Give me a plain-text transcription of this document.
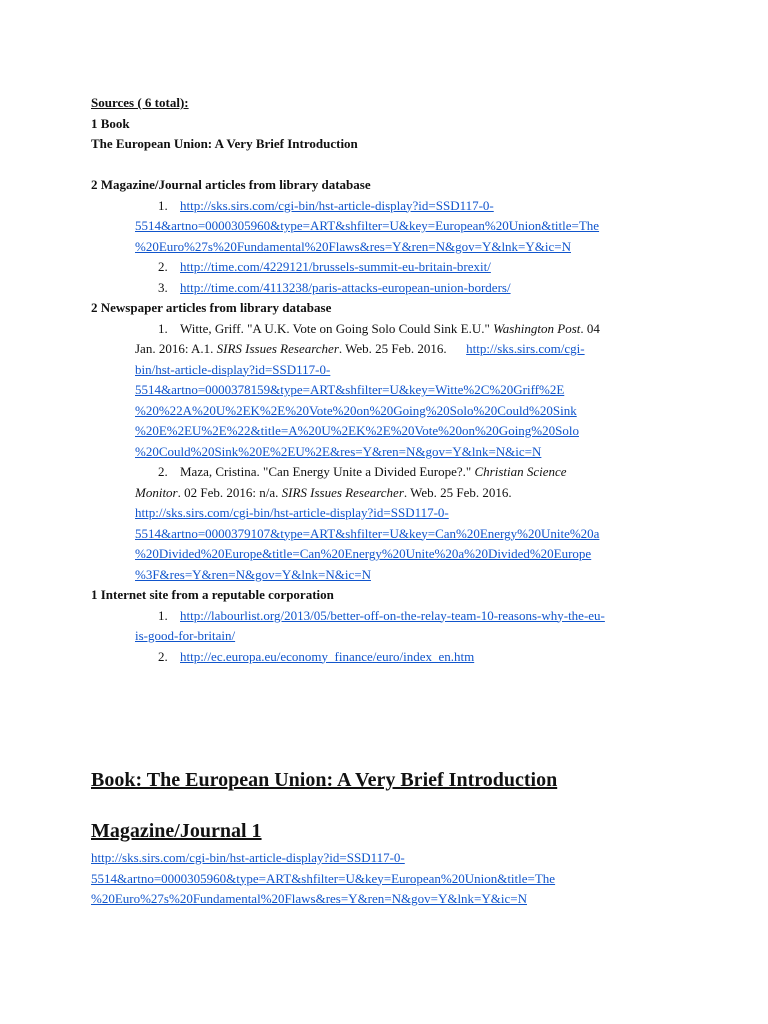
Sources ( 6 total):
1 Book
The European Union: A Very Brief Introduction

2 Magazine/Journal articles from library database
1. http://sks.sirs.com/cgi-bin/hst-article-display?id=SSD117-0-
5514&artno=0000305960&type=ART&shfilter=U&key=European%20Union&title=The
%20Euro%27s%20Fundamental%20Flaws&res=Y&ren=N&gov=Y&lnk=Y&ic=N
2. http://time.com/4229121/brussels-summit-eu-britain-brexit/
3. http://time.com/4113238/paris-attacks-european-union-borders/
2 Newspaper articles from library database
1. Witte, Griff. "A U.K. Vote on Going Solo Could Sink E.U." Washington Post. 04
Jan. 2016: A.1. SIRS Issues Researcher. Web. 25 Feb. 2016. http://sks.sirs.com/cgi-
bin/hst-article-display?id=SSD117-0-
5514&artno=0000378159&type=ART&shfilter=U&key=Witte%2C%20Griff%2E
%20%22A%20U%2EK%2E%20Vote%20on%20Going%20Solo%20Could%20Sink
%20E%2EU%2E%22&title=A%20U%2EK%2E%20Vote%20on%20Going%20Solo
%20Could%20Sink%20E%2EU%2E&res=Y&ren=N&gov=Y&lnk=N&ic=N
2. Maza, Cristina. "Can Energy Unite a Divided Europe?." Christian Science
Monitor. 02 Feb. 2016: n/a. SIRS Issues Researcher. Web. 25 Feb. 2016.
http://sks.sirs.com/cgi-bin/hst-article-display?id=SSD117-0-
5514&artno=0000379107&type=ART&shfilter=U&key=Can%20Energy%20Unite%20a
%20Divided%20Europe&title=Can%20Energy%20Unite%20a%20Divided%20Europe
%3F&res=Y&ren=N&gov=Y&lnk=N&ic=N
1 Internet site from a reputable corporation
1. http://labourlist.org/2013/05/better-off-on-the-relay-team-10-reasons-why-the-eu-
is-good-for-britain/
2. http://ec.europa.eu/economy_finance/euro/index_en.htm
Book: The European Union: A Very Brief Introduction
Magazine/Journal 1
http://sks.sirs.com/cgi-bin/hst-article-display?id=SSD117-0-
5514&artno=0000305960&type=ART&shfilter=U&key=European%20Union&title=The
%20Euro%27s%20Fundamental%20Flaws&res=Y&ren=N&gov=Y&lnk=Y&ic=N
